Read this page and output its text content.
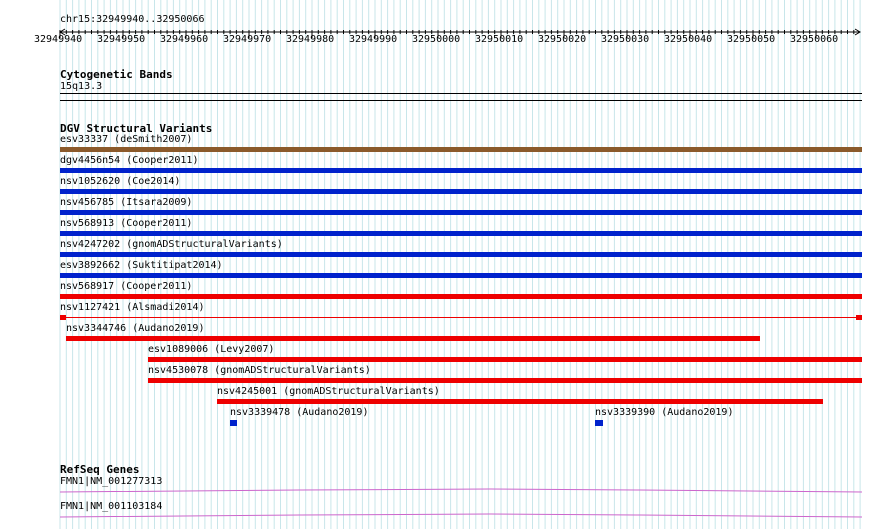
chr15:32949940..32950066
32949940 32949950 32949960 32949970 32949980 32949990 32950000 32950010 32950020 32950030 32950040 32950050 32950060
Cytogenetic Bands
15q13.3
DGV Structural Variants
esv33337 (deSmith2007)
dgv4456n54 (Cooper2011)
nsv1052620 (Coe2014)
nsv456785 (Itsara2009)
nsv568913 (Cooper2011)
nsv4247202 (gnomADStructuralVariants)
esv3892662 (Suktitipat2014)
nsv568917 (Cooper2011)
nsv1127421 (Alsmadi2014)
nsv3344746 (Audano2019)
esv1089006 (Levy2007)
nsv4530078 (gnomADStructuralVariants)
nsv4245001 (gnomADStructuralVariants)
nsv3339478 (Audano2019)	nsv3339390 (Audano2019)
RefSeq Genes
FMN1|NM_001277313
FMN1|NM_001103184
